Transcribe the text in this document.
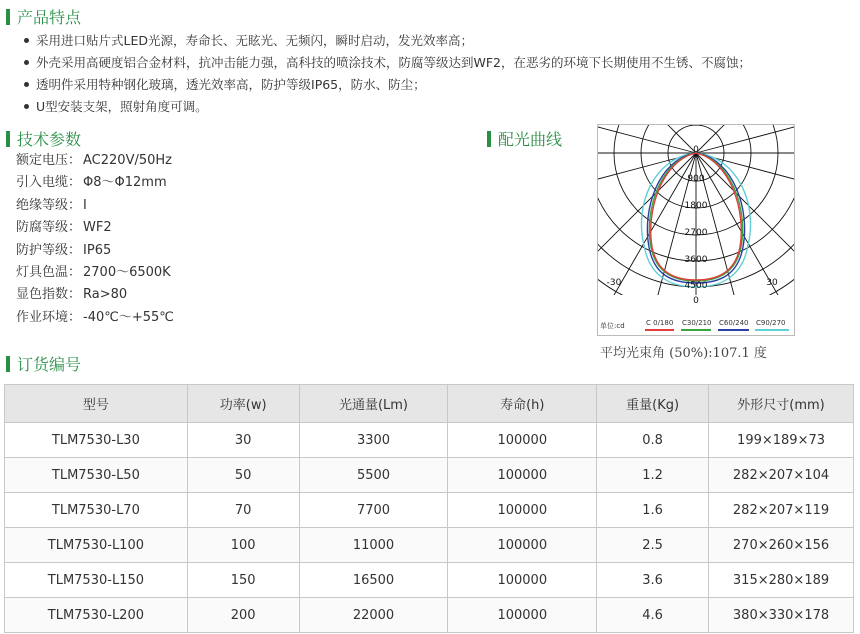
产品特点
采用进口贴片式LED光源，寿命长、无眩光、无频闪，瞬时启动，发光效率高；
外壳采用高硬度铝合金材料，抗冲击能力强，高科技的喷涂技术，防腐等级达到WF2，在恶劣的环境下长期使用不生锈、不腐蚀；
透明件采用特种钢化玻璃，透光效率高，防护等级IP65，防水、防尘；
U型安装支架，照射角度可调。
技术参数
额定电压： AC220V/50Hz
引入电缆： Φ8～Φ12mm
绝缘等级： I
防腐等级： WF2
防护等级： IP65
灯具色温： 2700～6500K
显色指数： Ra>80
作业环境： -40℃～+55℃
配光曲线
0
900
1800
2700
3600
4500
0
-30	30
单位:cd	C 0/180 C30/210 C60/240 C90/270
平均光束角 (50%):107.1 度
订货编号
型号	功率(w)	光通量(Lm)	寿命(h)	重量(Kg)	外形尺寸(mm)
TLM7530-L30	30	3300	100000	0.8	199×189×73
TLM7530-L50	50	5500	100000	1.2	282×207×104
TLM7530-L70	70	7700	100000	1.6	282×207×119
TLM7530-L100	100	11000	100000	2.5	270×260×156
TLM7530-L150	150	16500	100000	3.6	315×280×189
TLM7530-L200	200	22000	100000	4.6	380×330×178
